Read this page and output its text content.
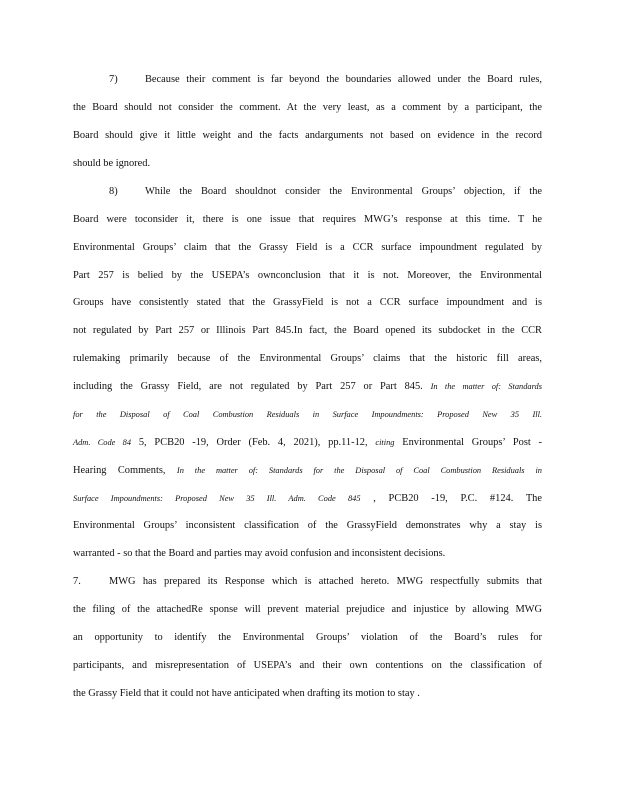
7)	Because their comment is far beyond the boundaries allowed under the Board rules,
the Board should not consider the comment. At the very least, as a comment by a participant, the
Board should give it little weight and the facts andarguments not based on evidence in the record
should be ignored.
8)	While the Board shouldnot consider the Environmental Groups’ objection, if the
Board were toconsider it, there is one issue that requires MWG’s response at this time. T he
Environmental Groups’ claim that the Grassy Field is a CCR surface impoundment regulated by
Part 257 is belied by the USEPA’s ownconclusion that it is not. Moreover, the Environmental
Groups have consistently stated that the GrassyField is not a CCR surface impoundment and is
not regulated by Part 257 or Illinois Part 845.In fact, the Board opened its subdocket in the CCR
rulemaking primarily because of the Environmental Groups’ claims that the historic fill areas,
including the Grassy Field, are not regulated by Part 257 or Part 845. In the matter of: Standards
for the Disposal of Coal Combustion Residuals in Surface Impoundments: Proposed New 35 Ill.
Adm. Code 84 5, PCB20 -19, Order (Feb. 4, 2021), pp.11-12, citing Environmental Groups’ Post -
Hearing Comments, In the matter of: Standards for the Disposal of Coal Combustion Residuals in
Surface Impoundments: Proposed New 35 Ill. Adm. Code 845 , PCB20 -19, P.C. #124. The
Environmental Groups’ inconsistent classification of the GrassyField demonstrates why a stay is
warranted - so that the Board and parties may avoid confusion and inconsistent decisions.
7.	MWG has prepared its Response which is attached hereto. MWG respectfully submits that
the filing of the attachedRe sponse will prevent material prejudice and injustice by allowing MWG
an opportunity to identify the Environmental Groups’ violation of the Board’s rules for
participants, and misrepresentation of USEPA’s and their own contentions on the classification of
the Grassy Field that it could not have anticipated when drafting its motion to stay .
